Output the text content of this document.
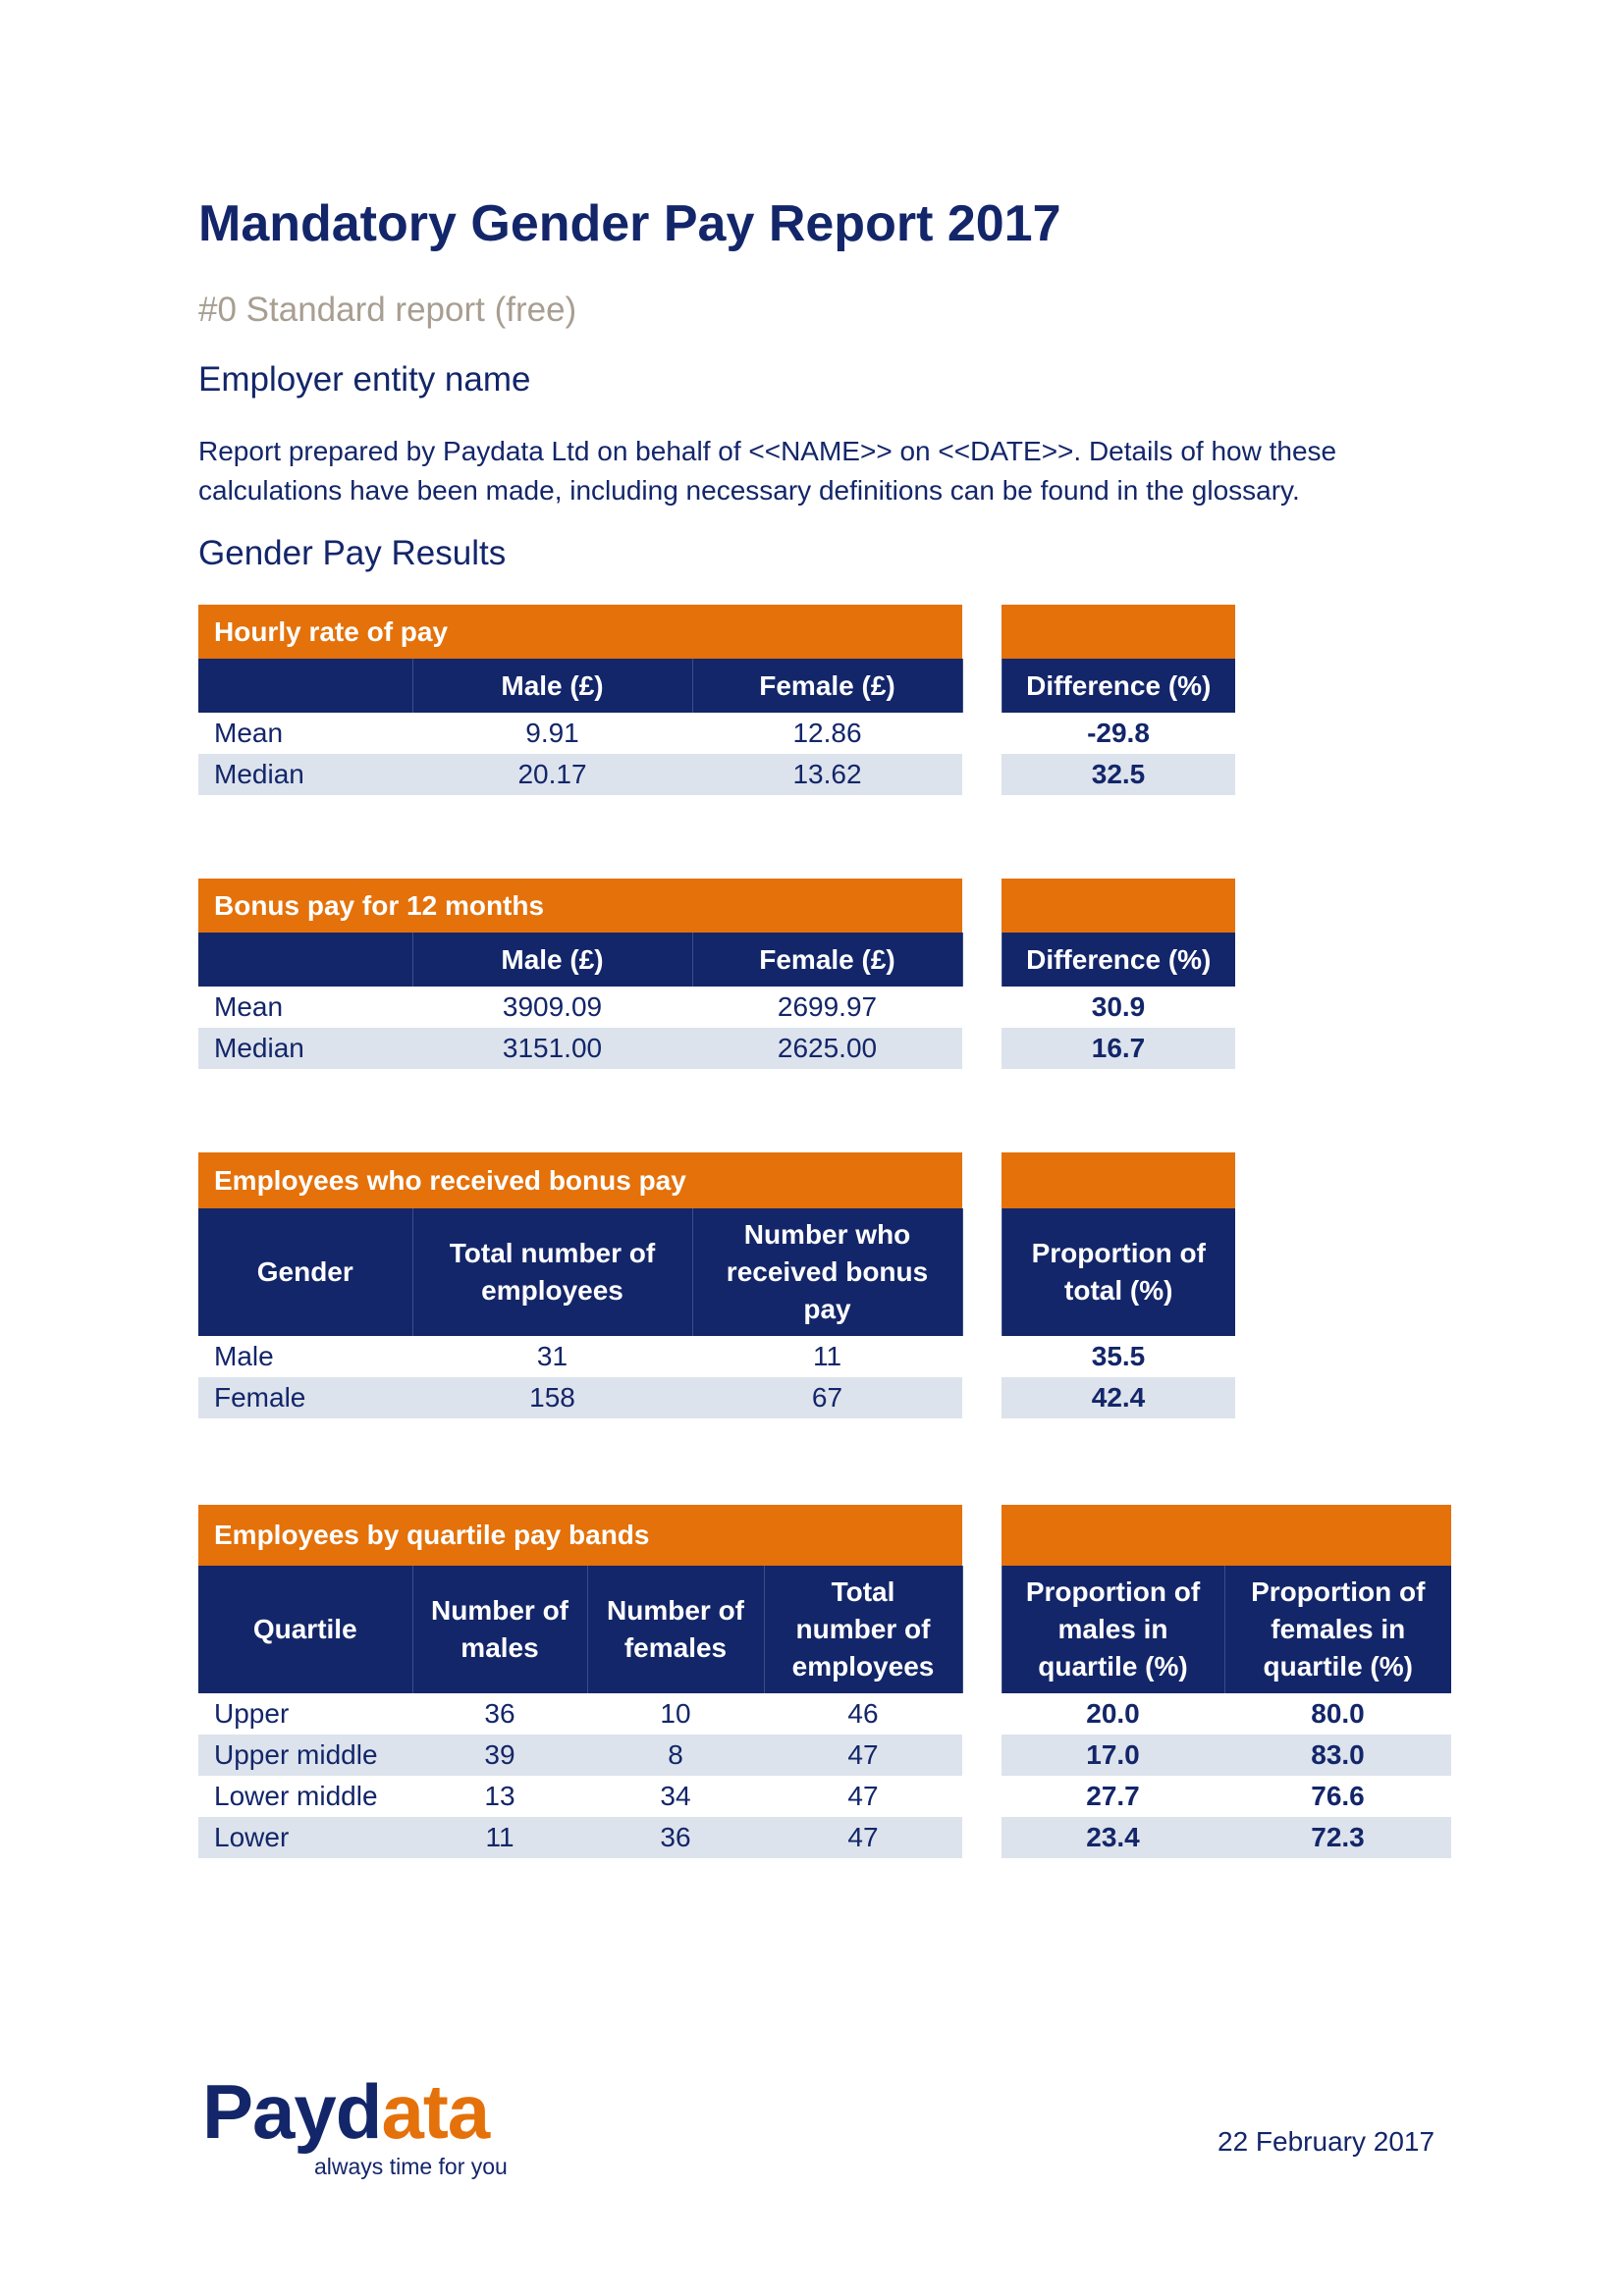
Mandatory Gender Pay Report 2017
#0 Standard report (free)
Employer entity name
Report prepared by Paydata Ltd on behalf of <<NAME>> on <<DATE>>. Details of how these calculations have been made, including necessary definitions can be found in the glossary.
Gender Pay Results
Hourly rate of pay				
	Male (£)	Female (£)		Difference (%)
Mean	9.91	12.86		-29.8
Median	20.17	13.62		32.5
Bonus pay for 12 months				
	Male (£)	Female (£)		Difference (%)
Mean	3909.09	2699.97		30.9
Median	3151.00	2625.00		16.7
Employees who received bonus pay				
Gender	Total number of employees	Number who received bonus pay		Proportion of total (%)
Male	31	11		35.5
Female	158	67		42.4
Employees by quartile pay bands						
Quartile	Number of males	Number of females	Total number of employees		Proportion of males in quartile (%)	Proportion of females in quartile (%)
Upper	36	10	46		20.0	80.0
Upper middle	39	8	47		17.0	83.0
Lower middle	13	34	47		27.7	76.6
Lower	11	36	47		23.4	72.3
Paydata
always time for you
22 February 2017
